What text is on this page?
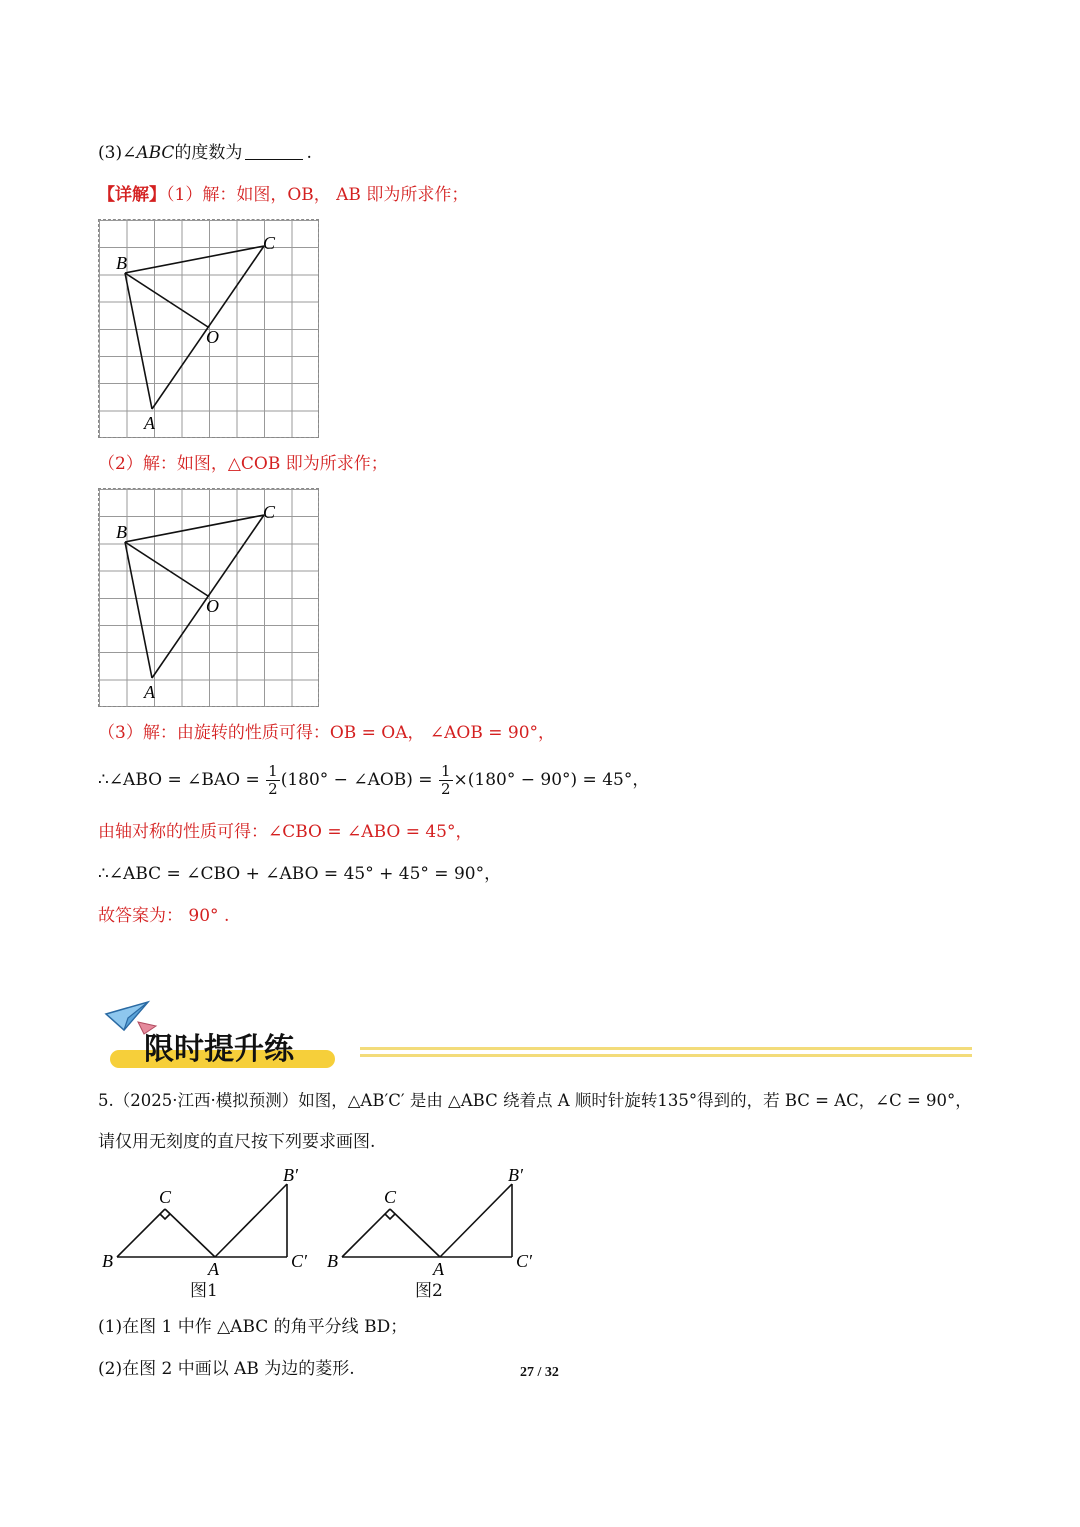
(3)∠ABC的度数为	.
【详解】（1）解：如图，OB， AB 即为所求作；
B
C
O
A
（2）解：如图，△COB 即为所求作；
B
C
O
A
（3）解：由旋转的性质可得：OB = OA， ∠AOB = 90°，
∴∠ABO = ∠BAO = $\frac{1}{2} (180^\circ$ − ∠AOB) = $\frac{1}{2} \times(180^\circ - 90^\circ) = 45^\circ$，
由轴对称的性质可得：∠CBO = ∠ABO = 45°，
∴∠ABC = ∠CBO + ∠ABO = 45° + 45° = 90°，
故答案为： 90° .
限时提升练
5.（2025·江西·模拟预测）如图，△AB′C′ 是由 △ABC 绕着点 A 顺时针旋转135°得到的，若 BC = AC，∠C = 90°，
请仅用无刻度的直尺按下列要求画图.
B
C
A
B′
C′ B
C
A
B′
C′
图1	图2
(1)在图 1 中作 △ABC 的角平分线 BD；
(2)在图 2 中画以 AB 为边的菱形.	27 / 32
